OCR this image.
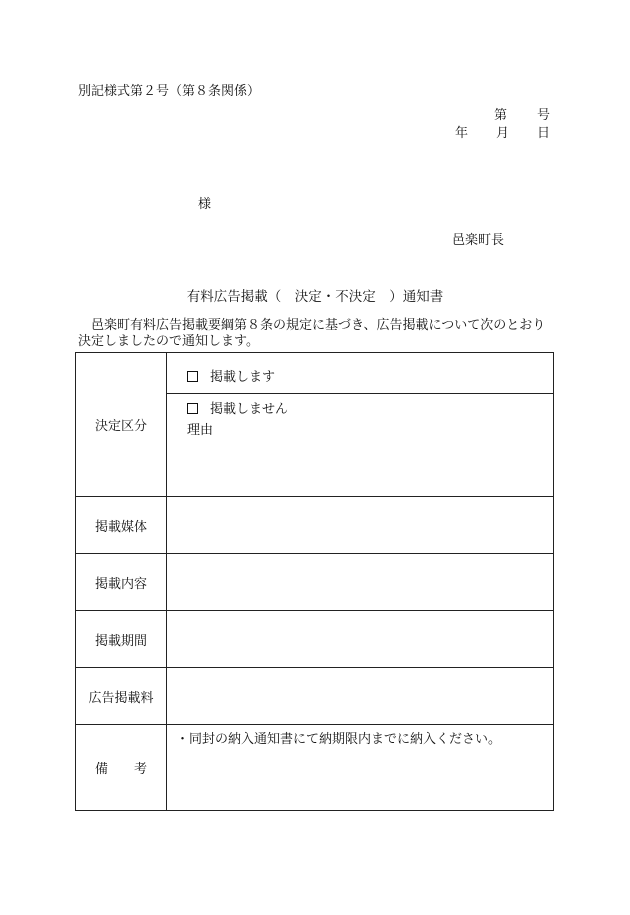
別記様式第２号（第８条関係）
第 号
年 月 日
様
邑楽町長
有料広告掲載（　決定・不決定　）通知書
邑楽町有料広告掲載要綱第８条の規定に基づき、広告掲載について次のとおり決定しましたので通知します。
決定区分	掲載します

	掲載しません
理由

掲載媒体	
掲載内容	
掲載期間	
広告掲載料	
備　　考	・同封の納入通知書にて納期限内までに納入ください。
